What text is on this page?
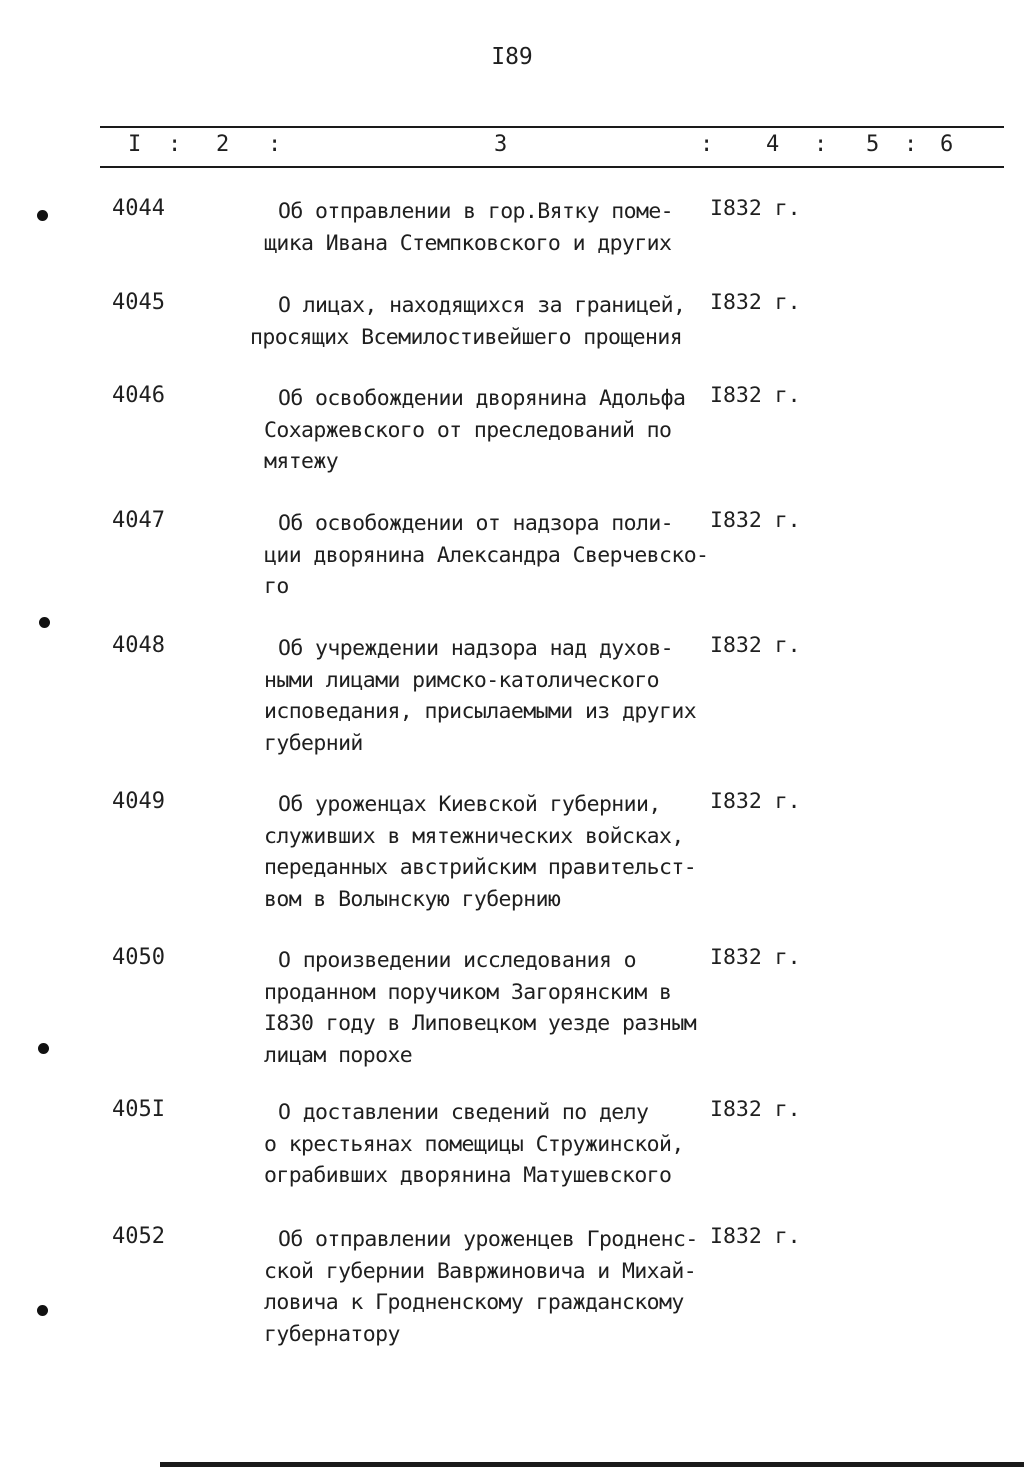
I89
I : 2 :	3	: 4 : 5 : 6
4044	Об отправлении в гор.Вятку поме-
щика Ивана Стемпковского и других
I832 г.
4045	О лицах, находящихся за границей,
просящих Всемилостивейшего прощения
I832 г.
4046	Об освобождении дворянина Адольфа
Сохаржевского от преследований по
мятежу
I832 г.
4047	Об освобождении от надзора поли-
ции дворянина Александра Сверчевско-
го
I832 г.
4048	Об учреждении надзора над духов-
ными лицами римско-католического
исповедания, присылаемыми из других
губерний
I832 г.
4049	Об уроженцах Киевской губернии,
служивших в мятежнических войсках,
переданных австрийским правительст-
вом в Волынскую губернию
I832 г.
4050	О произведении исследования о
проданном поручиком Загорянским в
I830 году в Липовецком уезде разным
лицам порохе
I832 г.
405I	О доставлении сведений по делу
о крестьянах помещицы Стружинской,
ограбивших дворянина Матушевского
I832 г.
4052	Об отправлении уроженцев Гродненс-
ской губернии Вавржиновича и Михай-
ловича к Гродненскому гражданскому
губернатору
I832 г.
